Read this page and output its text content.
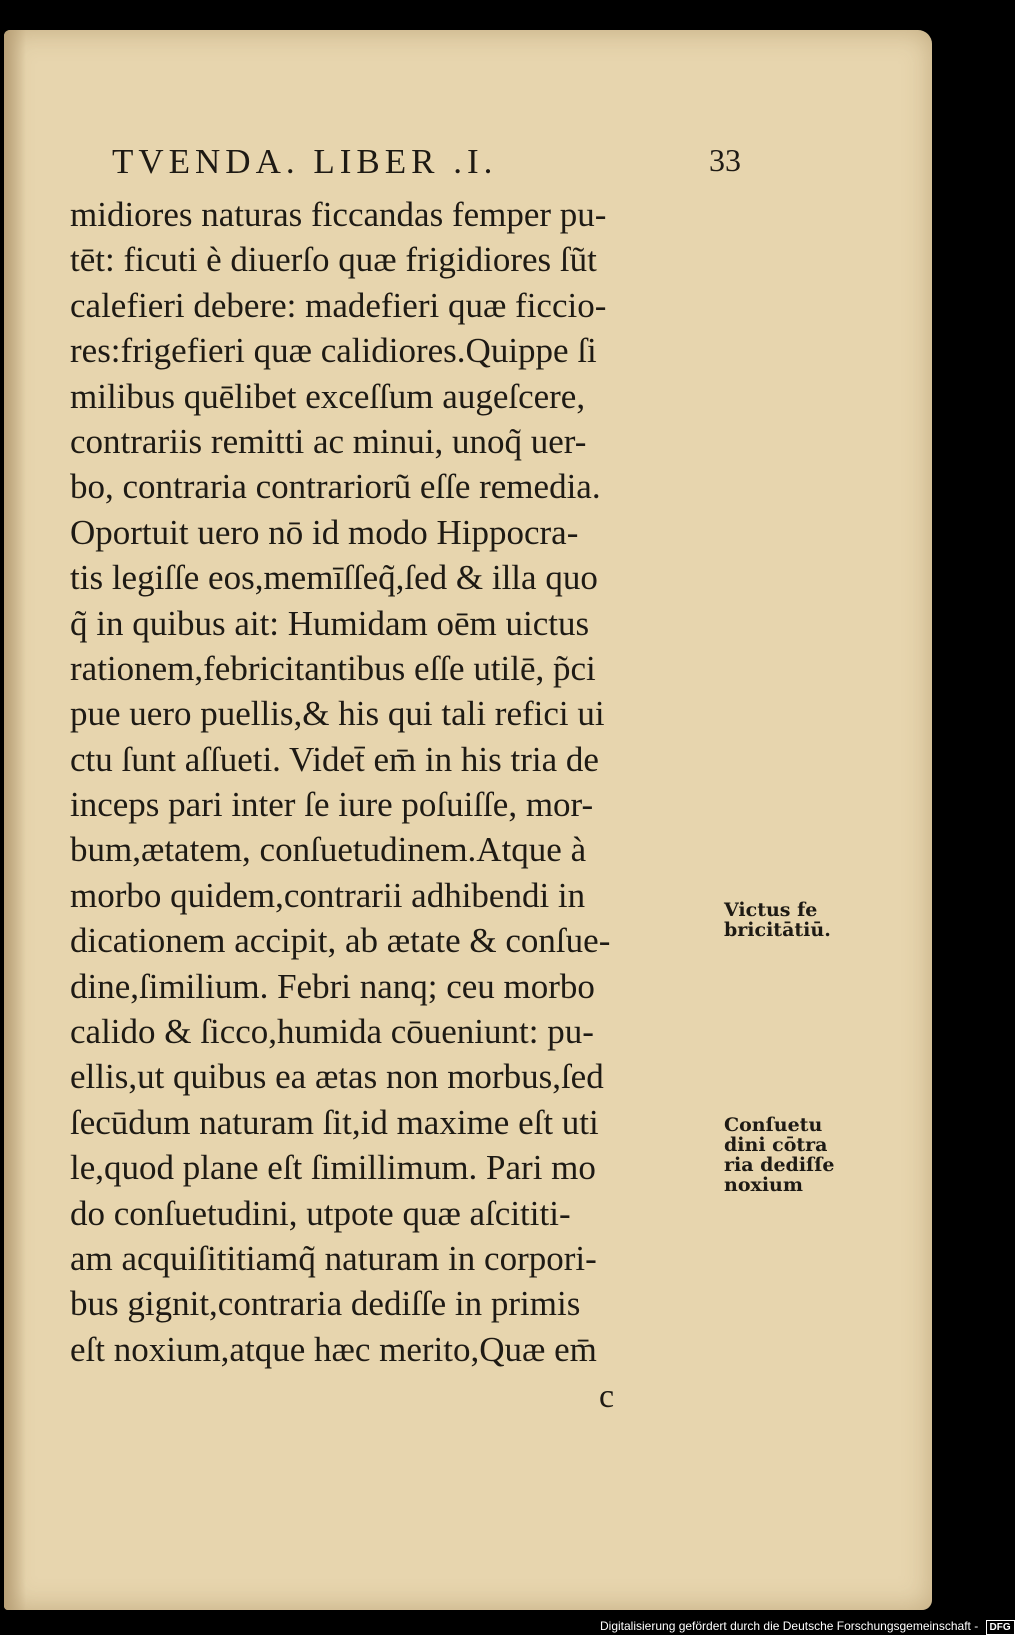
TVENDA. LIBER .I.	33
midiores naturas ficcandas femper pu-
tēt: ficuti è diuerſo quæ frigidiores ſũt
calefieri debere: madefieri quæ ficcio-
res:frigefieri quæ calidiores.Quippe ſi
milibus quēlibet exceſſum augeſcere,
contrariis remitti ac minui, unoq̃ uer-
bo, contraria contrariorũ eſſe remedia.
Oportuit uero nō id modo Hippocra-
tis legiſſe eos,memīſſeq̃,ſed & illa quo
q̃ in quibus ait: Humidam oēm uictus
rationem,febricitantibus eſſe utilē, p̃ci
pue uero puellis,& his qui tali refici ui
ctu ſunt aſſueti. Videt̄ em̄ in his tria de
inceps pari inter ſe iure poſuiſſe, mor-
bum,ætatem, conſuetudinem.Atque à
morbo quidem,contrarii adhibendi in
dicationem accipit, ab ætate & conſue-
dine,ſimilium. Febri nanq; ceu morbo
calido & ſicco,humida cōueniunt: pu-
ellis,ut quibus ea ætas non morbus,ſed
ſecūdum naturam ſit,id maxime eſt uti
le,quod plane eſt ſimillimum. Pari mo
do conſuetudini, utpote quæ aſcititi-
am acquiſititiamq̃ naturam in corpori-
bus gignit,contraria dediſſe in primis
eſt noxium,atque hæc merito,Quæ em̄
Victus fe
bricitātiū.
Conſuetu
dini cōtra
ria dediſſe
noxium
c
Digitalisierung gefördert durch die Deutsche Forschungsgemeinschaft - DFG
